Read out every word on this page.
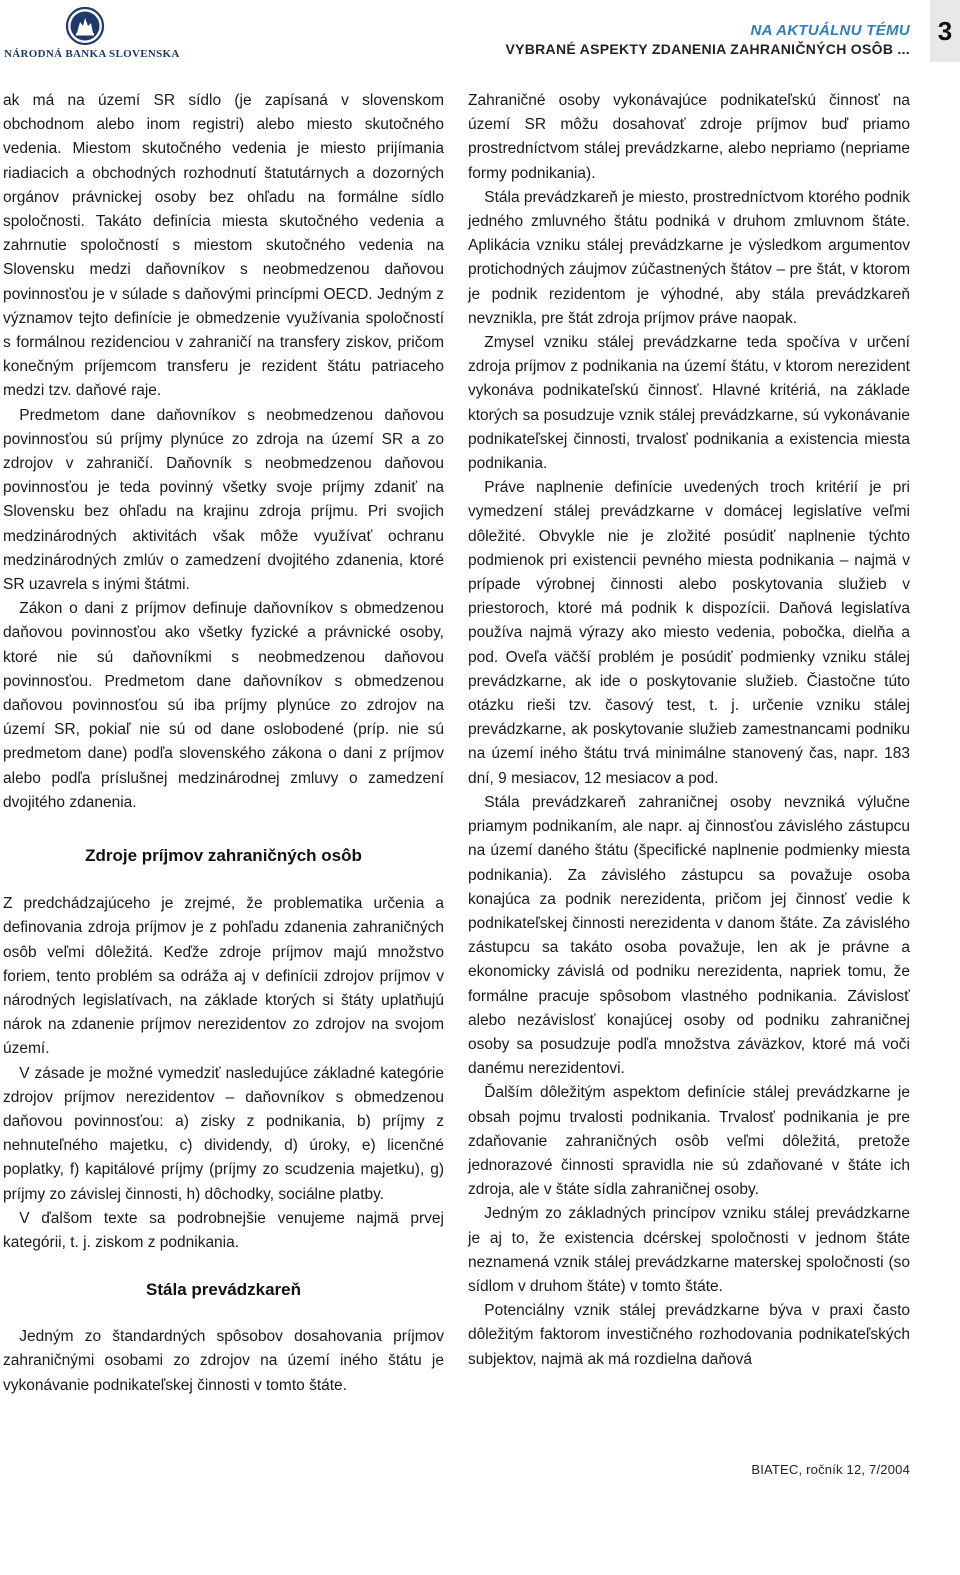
NÁRODNÁ BANKA SLOVENSKA
NA AKTUÁLNU TÉMU
VYBRANÉ ASPEKTY ZDANENIA ZAHRANIČNÝCH OSÔB ...
3

ak má na území SR sídlo (je zapísaná v slovenskom obchodnom alebo inom registri) alebo miesto skutočného vedenia. Miestom skutočného vedenia je miesto prijímania riadiacich a obchodných rozhodnutí štatutárnych a dozorných orgánov právnickej osoby bez ohľadu na formálne sídlo spoločnosti. Takáto definícia miesta skutočného vedenia a zahrnutie spoločností s miestom skutočného vedenia na Slovensku medzi daňovníkov s neobmedzenou daňovou povinnosťou je v súlade s daňovými princípmi OECD. Jedným z významov tejto definície je obmedzenie využívania spoločností s formálnou rezidenciou v zahraničí na transfery ziskov, pričom konečným príjemcom transferu je rezident štátu patriaceho medzi tzv. daňové raje.

Predmetom dane daňovníkov s neobmedzenou daňovou povinnosťou sú príjmy plynúce zo zdroja na území SR a zo zdrojov v zahraničí. Daňovník s neobmedzenou daňovou povinnosťou je teda povinný všetky svoje príjmy zdaniť na Slovensku bez ohľadu na krajinu zdroja príjmu. Pri svojich medzinárodných aktivitách však môže využívať ochranu medzinárodných zmlúv o zamedzení dvojitého zdanenia, ktoré SR uzavrela s inými štátmi.

Zákon o dani z príjmov definuje daňovníkov s obmedzenou daňovou povinnosťou ako všetky fyzické a právnické osoby, ktoré nie sú daňovníkmi s neobmedzenou daňovou povinnosťou. Predmetom dane daňovníkov s obmedzenou daňovou povinnosťou sú iba príjmy plynúce zo zdrojov na území SR, pokiaľ nie sú od dane oslobodené (príp. nie sú predmetom dane) podľa slovenského zákona o dani z príjmov alebo podľa príslušnej medzinárodnej zmluvy o zamedzení dvojitého zdanenia.

Zdroje príjmov zahraničných osôb

Z predchádzajúceho je zrejmé, že problematika určenia a definovania zdroja príjmov je z pohľadu zdanenia zahraničných osôb veľmi dôležitá. Keďže zdroje príjmov majú množstvo foriem, tento problém sa odráža aj v definícii zdrojov príjmov v národných legislatívach, na základe ktorých si štáty uplatňujú nárok na zdanenie príjmov nerezidentov zo zdrojov na svojom území.

V zásade je možné vymedziť nasledujúce základné kategórie zdrojov príjmov nerezidentov – daňovníkov s obmedzenou daňovou povinnosťou: a) zisky z podnikania, b) príjmy z nehnuteľného majetku, c) dividendy, d) úroky, e) licenčné poplatky, f) kapitálové príjmy (príjmy zo scudzenia majetku), g) príjmy zo závislej činnosti, h) dôchodky, sociálne platby.

V ďalšom texte sa podrobnejšie venujeme najmä prvej kategórii, t. j. ziskom z podnikania.

Stála prevádzkareň

Jedným zo štandardných spôsobov dosahovania príjmov zahraničnými osobami zo zdrojov na území iného štátu je vykonávanie podnikateľskej činnosti v tomto štáte.

Zahraničné osoby vykonávajúce podnikateľskú činnosť na území SR môžu dosahovať zdroje príjmov buď priamo prostredníctvom stálej prevádzkarne, alebo nepriamo (nepriame formy podnikania).

Stála prevádzkareň je miesto, prostredníctvom ktorého podnik jedného zmluvného štátu podniká v druhom zmluvnom štáte. Aplikácia vzniku stálej prevádzkarne je výsledkom argumentov protichodných záujmov zúčastnených štátov – pre štát, v ktorom je podnik rezidentom je výhodné, aby stála prevádzkareň nevznikla, pre štát zdroja príjmov práve naopak.

Zmysel vzniku stálej prevádzkarne teda spočíva v určení zdroja príjmov z podnikania na území štátu, v ktorom nerezident vykonáva podnikateľskú činnosť. Hlavné kritériá, na základe ktorých sa posudzuje vznik stálej prevádzkarne, sú vykonávanie podnikateľskej činnosti, trvalosť podnikania a existencia miesta podnikania.

Práve naplnenie definície uvedených troch kritérií je pri vymedzení stálej prevádzkarne v domácej legislatíve veľmi dôležité. Obvykle nie je zložité posúdiť naplnenie týchto podmienok pri existencii pevného miesta podnikania – najmä v prípade výrobnej činnosti alebo poskytovania služieb v priestoroch, ktoré má podnik k dispozícii. Daňová legislatíva používa najmä výrazy ako miesto vedenia, pobočka, dielňa a pod. Oveľa väčší problém je posúdiť podmienky vzniku stálej prevádzkarne, ak ide o poskytovanie služieb. Čiastočne túto otázku rieši tzv. časový test, t. j. určenie vzniku stálej prevádzkarne, ak poskytovanie služieb zamestnancami podniku na území iného štátu trvá minimálne stanovený čas, napr. 183 dní, 9 mesiacov, 12 mesiacov a pod.

Stála prevádzkareň zahraničnej osoby nevzniká výlučne priamym podnikaním, ale napr. aj činnosťou závislého zástupcu na území daného štátu (špecifické naplnenie podmienky miesta podnikania). Za závislého zástupcu sa považuje osoba konajúca za podnik nerezidenta, pričom jej činnosť vedie k podnikateľskej činnosti nerezidenta v danom štáte. Za závislého zástupcu sa takáto osoba považuje, len ak je právne a ekonomicky závislá od podniku nerezidenta, napriek tomu, že formálne pracuje spôsobom vlastného podnikania. Závislosť alebo nezávislosť konajúcej osoby od podniku zahraničnej osoby sa posudzuje podľa množstva záväzkov, ktoré má voči danému nerezidentovi.

Ďalším dôležitým aspektom definície stálej prevádzkarne je obsah pojmu trvalosti podnikania. Trvalosť podnikania je pre zdaňovanie zahraničných osôb veľmi dôležitá, pretože jednorazové činnosti spravidla nie sú zdaňované v štáte ich zdroja, ale v štáte sídla zahraničnej osoby.

Jedným zo základných princípov vzniku stálej prevádzkarne je aj to, že existencia dcérskej spoločnosti v jednom štáte neznamená vznik stálej prevádzkarne materskej spoločnosti (so sídlom v druhom štáte) v tomto štáte.

Potenciálny vznik stálej prevádzkarne býva v praxi často dôležitým faktorom investičného rozhodovania podnikateľských subjektov, najmä ak má rozdielna daňová

BIATEC, ročník 12, 7/2004
